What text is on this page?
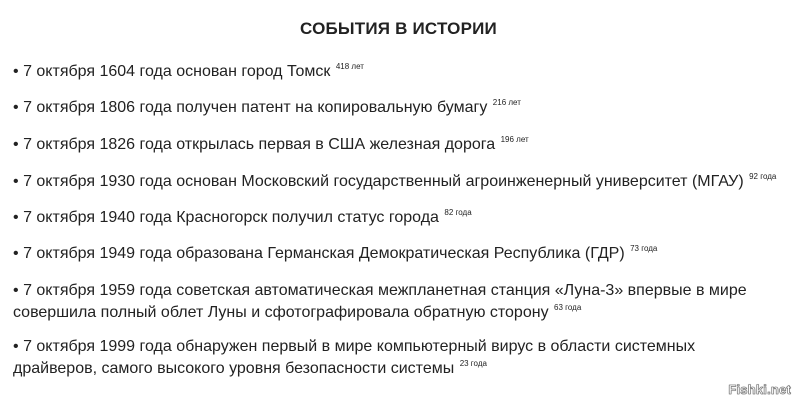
СОБЫТИЯ В ИСТОРИИ
• 7 октября 1604 года основан город Томск $^{418 лет}$
• 7 октября 1806 года получен патент на копировальную бумагу $^{216 лет}$
• 7 октября 1826 года открылась первая в США железная дорога $^{196 лет}$
• 7 октября 1930 года основан Московский государственный агроинженерный университет (МГАУ) $^{92 года}$
• 7 октября 1940 года Красногорск получил статус города $^{82 года}$
• 7 октября 1949 года образована Германская Демократическая Республика (ГДР) $^{73 года}$
• 7 октября 1959 года советская автоматическая межпланетная станция «Луна-3» впервые в мире совершила полный облет Луны и сфотографировала обратную сторону $^{63 года}$
• 7 октября 1999 года обнаружен первый в мире компьютерный вирус в области системных драйверов, самого высокого уровня безопасности системы $^{23 года}$
Fishki.net
